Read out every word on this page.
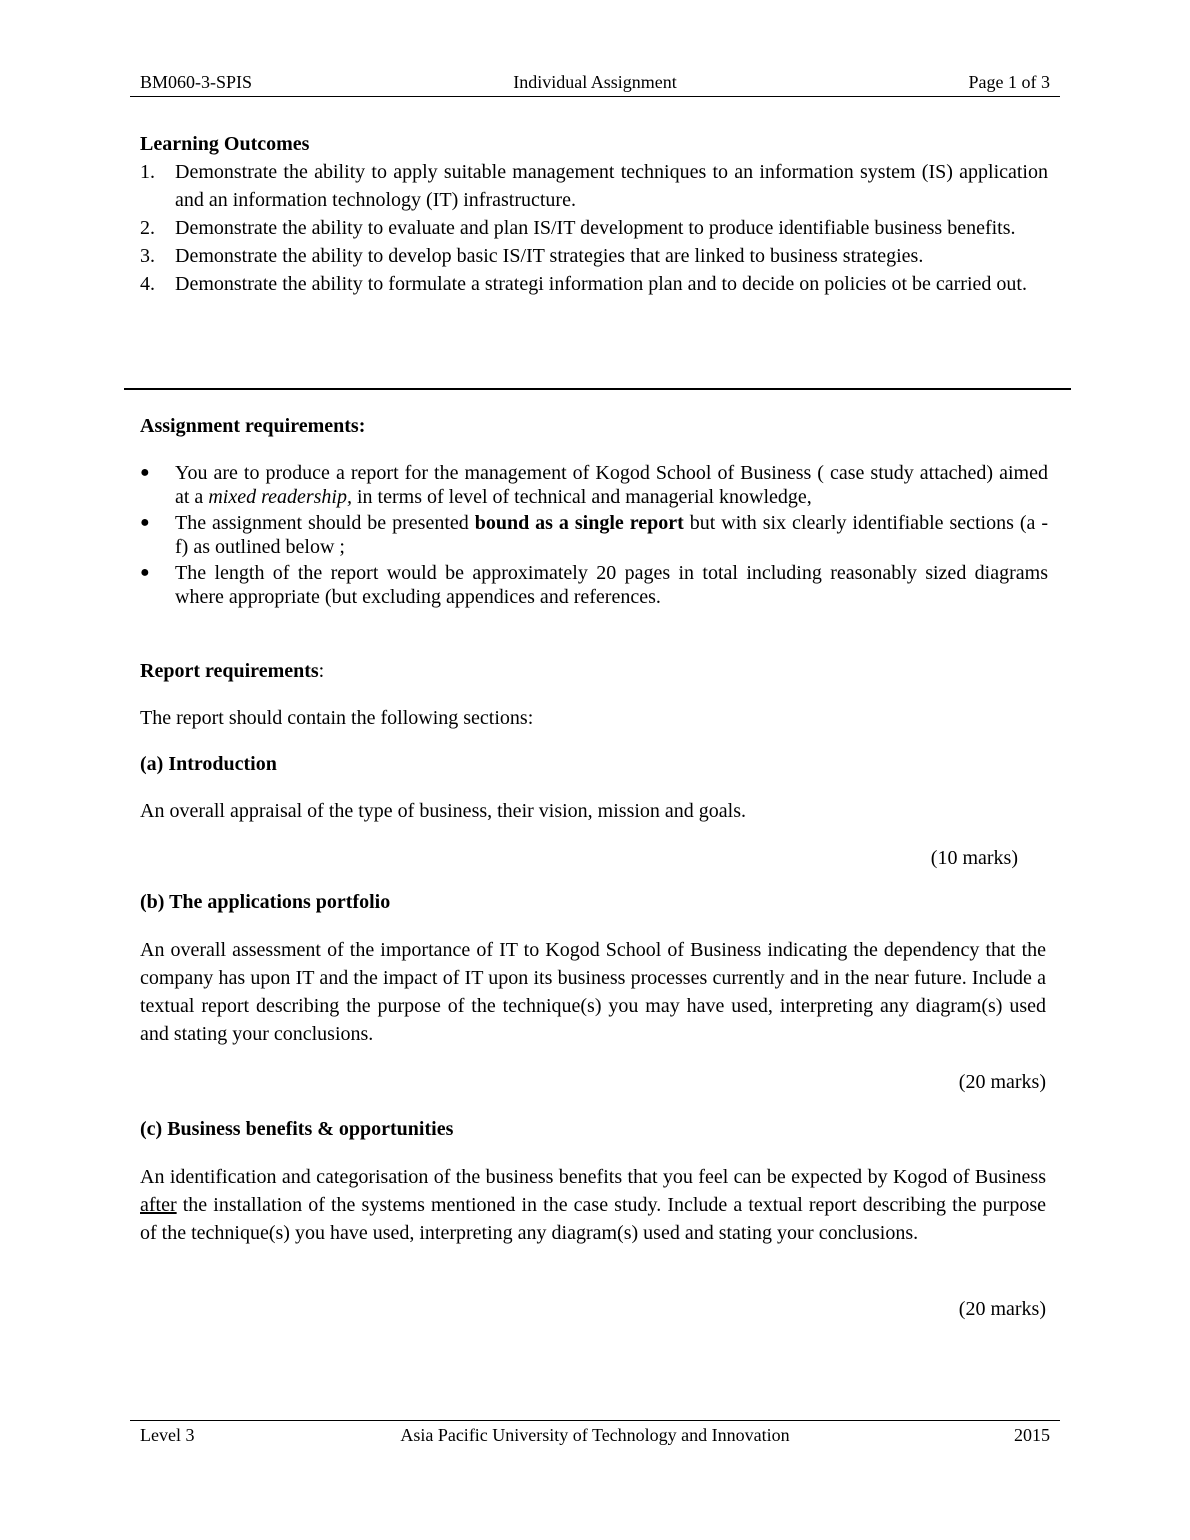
BM060-3-SPIS	Individual Assignment	Page 1 of 3
Learning Outcomes
1. Demonstrate the ability to apply suitable management techniques to an information system (IS) application and an information technology (IT) infrastructure.
2. Demonstrate the ability to evaluate and plan IS/IT development to produce identifiable business benefits.
3. Demonstrate the ability to develop basic IS/IT strategies that are linked to business strategies.
4. Demonstrate the ability to formulate a strategi information plan and to decide on policies ot be carried out.
Assignment requirements:
● You are to produce a report for the management of Kogod School of Business ( case study attached) aimed at a mixed readership, in terms of level of technical and managerial knowledge,
● The assignment should be presented bound as a single report but with six clearly identifiable sections (a - f) as outlined below ;
● The length of the report would be approximately 20 pages in total including reasonably sized diagrams where appropriate (but excluding appendices and references.
Report requirements:
The report should contain the following sections:
(a) Introduction
An overall appraisal of the type of business, their vision, mission and goals.
(10 marks)
(b) The applications portfolio
An overall assessment of the importance of IT to Kogod School of Business indicating the dependency that the company has upon IT and the impact of IT upon its business processes currently and in the near future. Include a textual report describing the purpose of the technique(s) you may have used, interpreting any diagram(s) used and stating your conclusions.
(20 marks)
(c) Business benefits & opportunities
An identification and categorisation of the business benefits that you feel can be expected by Kogod of Business after the installation of the systems mentioned in the case study. Include a textual report describing the purpose of the technique(s) you have used, interpreting any diagram(s) used and stating your conclusions.
(20 marks)
Level 3	Asia Pacific University of Technology and Innovation	2015
